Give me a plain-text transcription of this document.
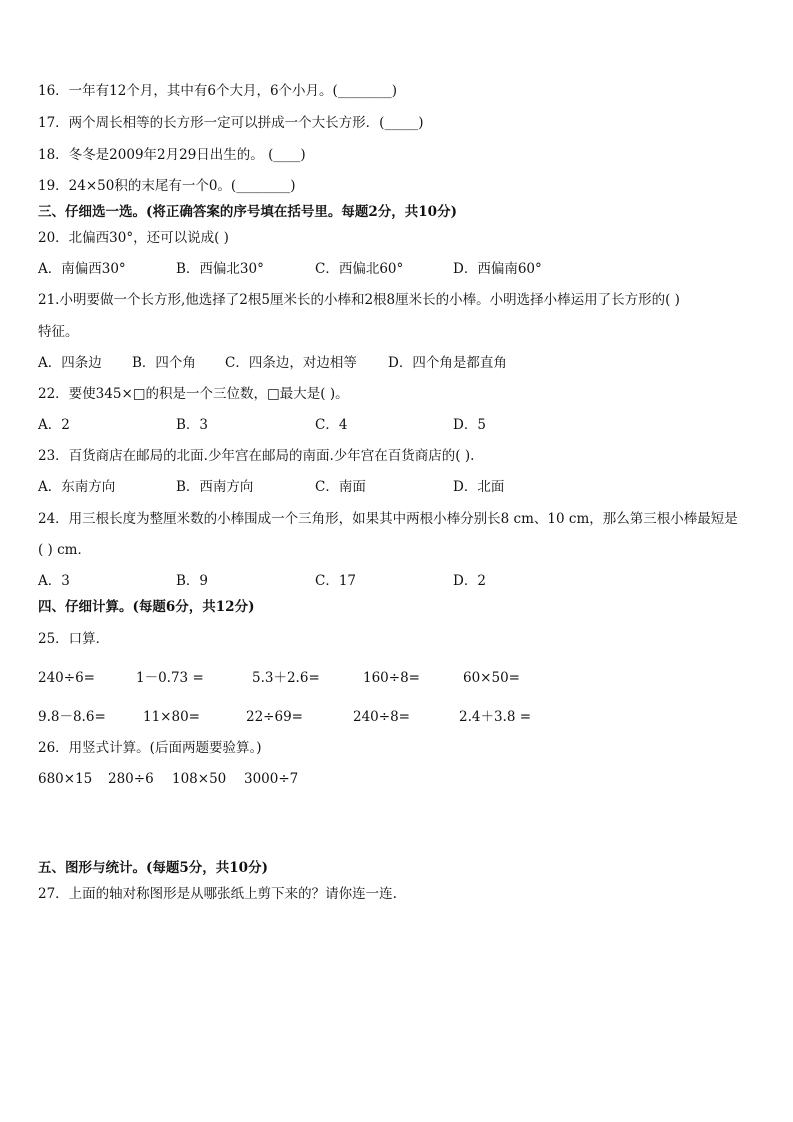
16．一年有12个月，其中有6个大月，6个小月。(________)
17．两个周长相等的长方形一定可以拼成一个大长方形．(_____)
18．冬冬是2009年2月29日出生的。 (____)
19．24×50积的末尾有一个0。(________)
三、仔细选一选。(将正确答案的序号填在括号里。每题2分，共10分)
20．北偏西30°，还可以说成( )
A．南偏西30°	B．西偏北30°	C．西偏北60°	D．西偏南60°
21.小明要做一个长方形,他选择了2根5厘米长的小棒和2根8厘米长的小棒。小明选择小棒运用了长方形的( )
特征。
A．四条边 B．四个角 C．四条边，对边相等 D．四个角是都直角
22．要使345×□的积是一个三位数，□最大是( )。
A．2	B．3	C．4	D．5
23．百货商店在邮局的北面.少年宫在邮局的南面.少年宫在百货商店的( ).
A．东南方向	B．西南方向	C．南面	D．北面
24．用三根长度为整厘米数的小棒围成一个三角形，如果其中两根小棒分别长8 cm、10 cm，那么第三根小棒最短是
( ) cm．
A．3	B．9	C．17	D．2
四、仔细计算。(每题6分，共12分)
25．口算．
240÷6=	1－0.73 =	5.3＋2.6=	160÷8=	60×50=
9.8－8.6=	11×80=	22÷69=	240÷8=	2.4＋3.8 =
26．用竖式计算。(后面两题要验算。)
680×15 280÷6 108×50 3000÷7
五、图形与统计。(每题5分，共10分)
27．上面的轴对称图形是从哪张纸上剪下来的？请你连一连.
